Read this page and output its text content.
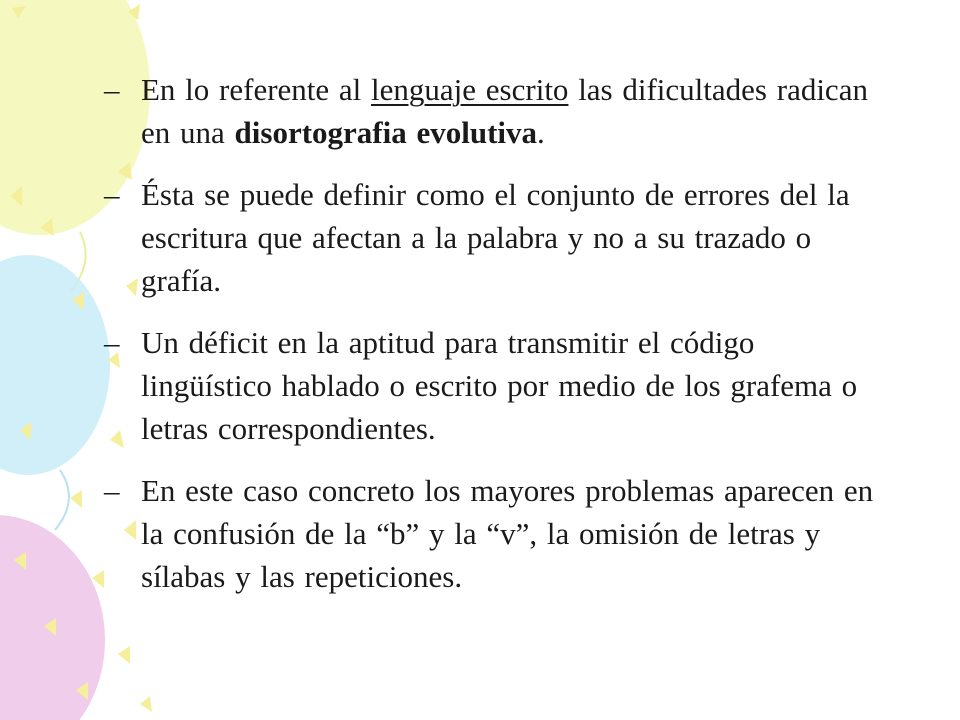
– En lo referente al lenguaje escrito las dificultades radican en una disortografia evolutiva.
– Ésta se puede definir como el conjunto de errores del la escritura que afectan a la palabra y no a su trazado o grafía.
– Un déficit en la aptitud para transmitir el código lingüístico hablado o escrito por medio de los grafema o letras correspondientes.
– En este caso concreto los mayores problemas aparecen en la confusión de la “b” y la “v”, la omisión de letras y sílabas y las repeticiones.
